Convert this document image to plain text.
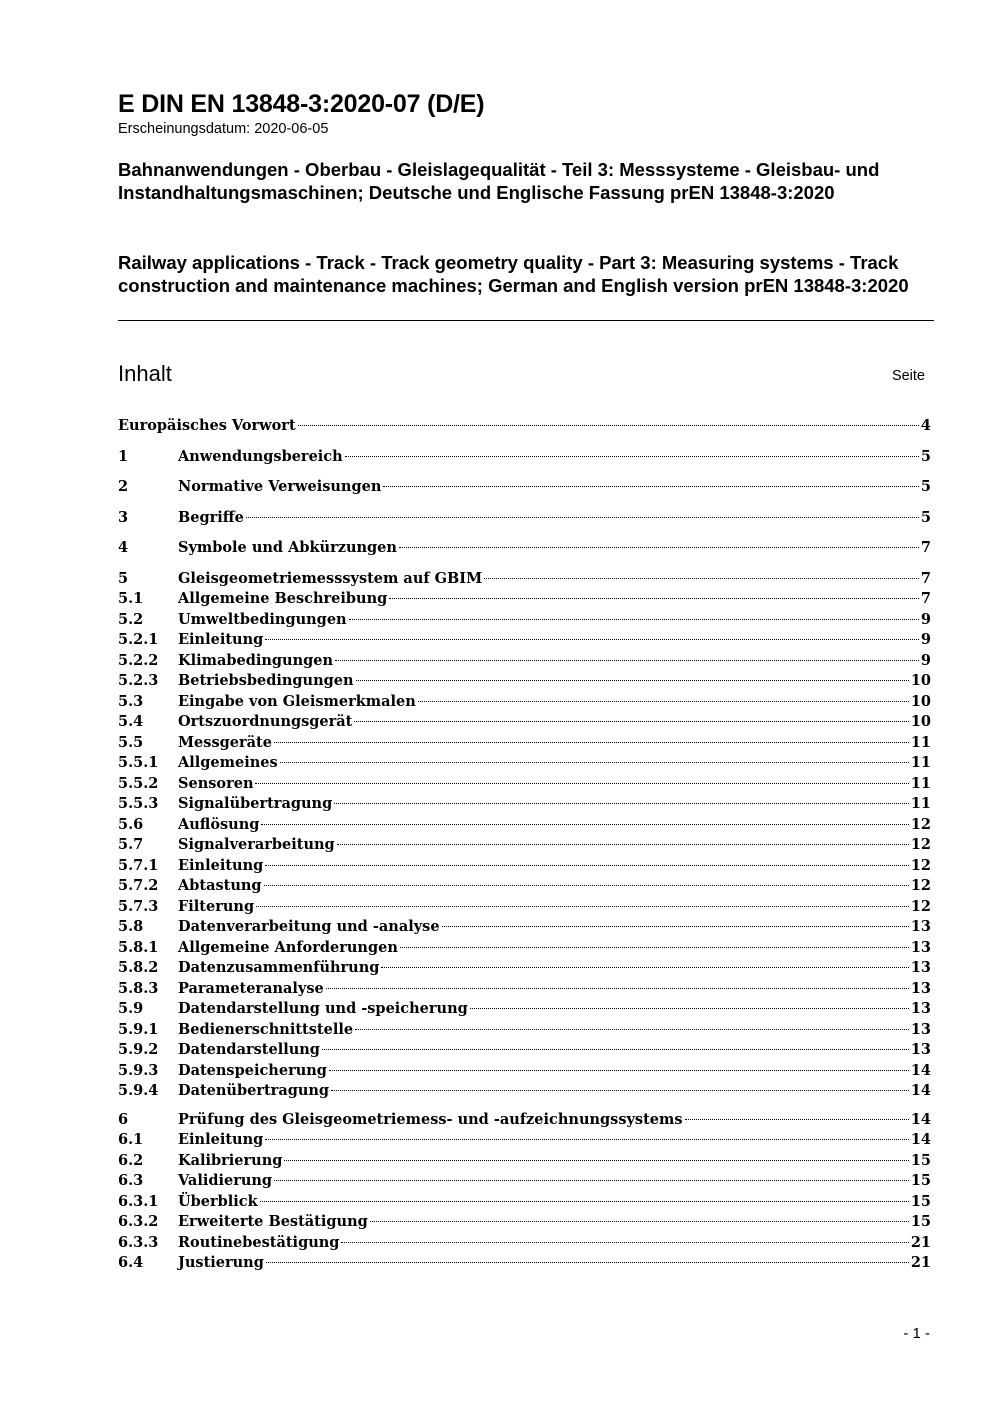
E DIN EN 13848-3:2020-07 (D/E)
Erscheinungsdatum: 2020-06-05
Bahnanwendungen - Oberbau - Gleislagequalität - Teil 3: Messsysteme - Gleisbau- und Instandhaltungsmaschinen; Deutsche und Englische Fassung prEN 13848-3:2020
Railway applications - Track - Track geometry quality - Part 3: Measuring systems - Track construction and maintenance machines; German and English version prEN 13848-3:2020
Inhalt	Seite
Europäisches Vorwort	4
1	Anwendungsbereich	5
2	Normative Verweisungen	5
3	Begriffe	5
4	Symbole und Abkürzungen	7
5	Gleisgeometriemesssystem auf GBIM	7
5.1	Allgemeine Beschreibung	7
5.2	Umweltbedingungen	9
5.2.1	Einleitung	9
5.2.2	Klimabedingungen	9
5.2.3	Betriebsbedingungen	10
5.3	Eingabe von Gleismerkmalen	10
5.4	Ortszuordnungsgerät	10
5.5	Messgeräte	11
5.5.1	Allgemeines	11
5.5.2	Sensoren	11
5.5.3	Signalübertragung	11
5.6	Auflösung	12
5.7	Signalverarbeitung	12
5.7.1	Einleitung	12
5.7.2	Abtastung	12
5.7.3	Filterung	12
5.8	Datenverarbeitung und -analyse	13
5.8.1	Allgemeine Anforderungen	13
5.8.2	Datenzusammenführung	13
5.8.3	Parameteranalyse	13
5.9	Datendarstellung und -speicherung	13
5.9.1	Bedienerschnittstelle	13
5.9.2	Datendarstellung	13
5.9.3	Datenspeicherung	14
5.9.4	Datenübertragung	14
6	Prüfung des Gleisgeometriemess- und -aufzeichnungssystems	14
6.1	Einleitung	14
6.2	Kalibrierung	15
6.3	Validierung	15
6.3.1	Überblick	15
6.3.2	Erweiterte Bestätigung	15
6.3.3	Routinebestätigung	21
6.4	Justierung	21
- 1 -
